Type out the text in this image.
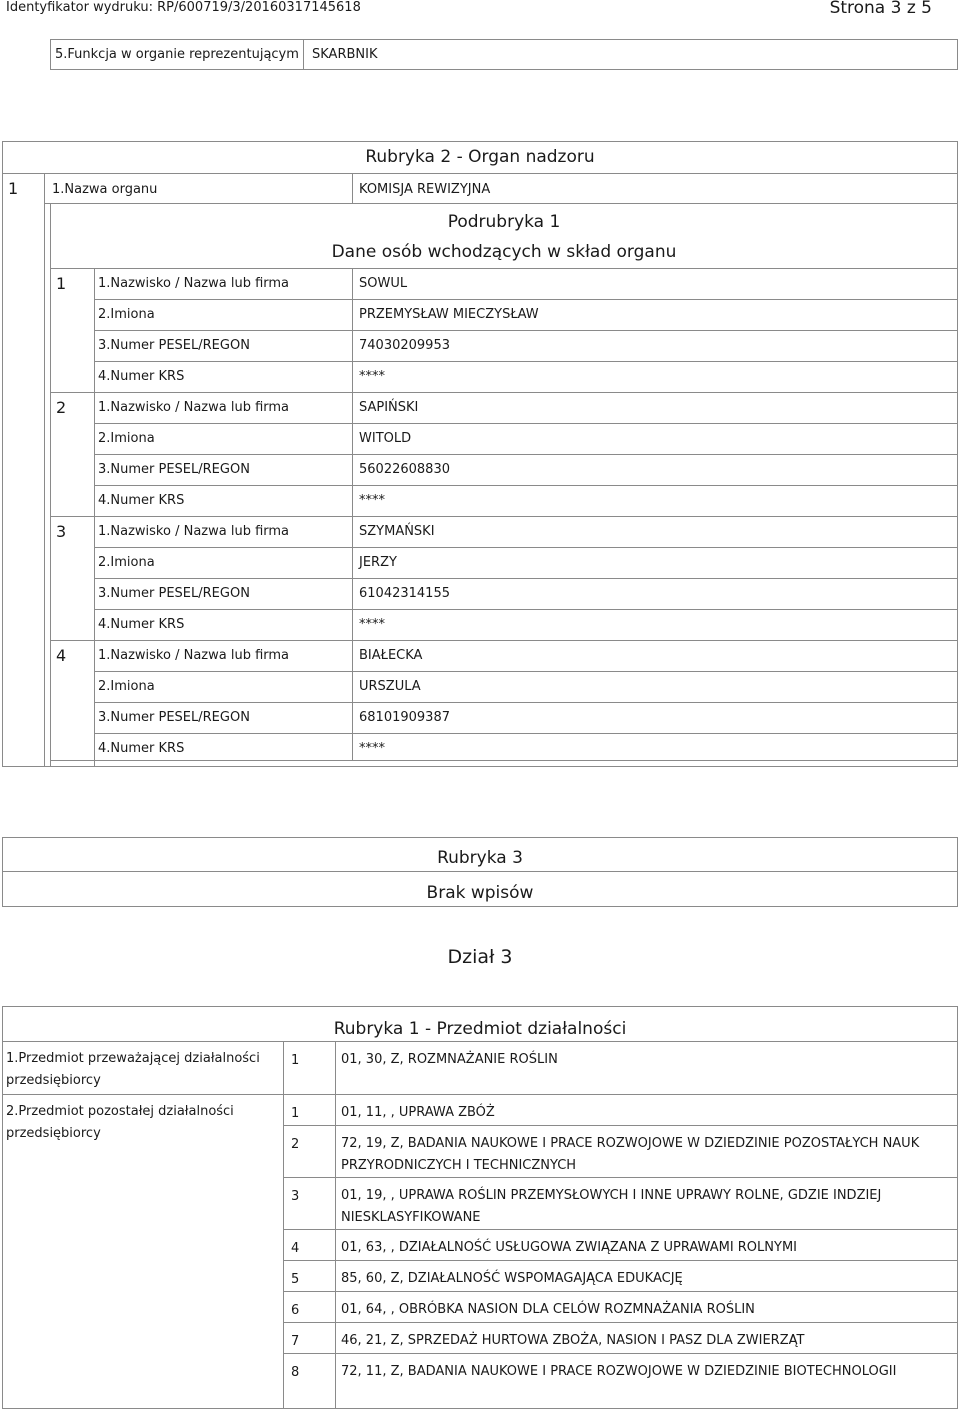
Identyfikator wydruku: RP/600719/3/20160317145618	Strona 3 z 5
5.Funkcja w organie reprezentującym SKARBNIK
Rubryka 2 - Organ nadzoru
1	1.Nazwa organu	KOMISJA REWIZYJNA
Podrubryka 1
Dane osób wchodzących w skład organu
1 1.Nazwisko / Nazwa lub firma	SOWUL
2.Imiona	PRZEMYSŁAW MIECZYSŁAW
3.Numer PESEL/REGON	74030209953
4.Numer KRS	****
2 1.Nazwisko / Nazwa lub firma	SAPIŃSKI
2.Imiona	WITOLD
3.Numer PESEL/REGON	56022608830
4.Numer KRS	****
3 1.Nazwisko / Nazwa lub firma	SZYMAŃSKI
2.Imiona	JERZY
3.Numer PESEL/REGON	61042314155
4.Numer KRS	****
4 1.Nazwisko / Nazwa lub firma	BIAŁECKA
2.Imiona	URSZULA
3.Numer PESEL/REGON	68101909387
4.Numer KRS	****
Rubryka 3
Brak wpisów
Dział 3
Rubryka 1 - Przedmiot działalności
1.Przedmiot przeważającej działalności przedsiębiorcy
2.Przedmiot pozostałej działalności przedsiębiorcy
1	01, 30, Z, ROZMNAŻANIE ROŚLIN
1	01, 11, , UPRAWA ZBÓŻ
2	72, 19, Z, BADANIA NAUKOWE I PRACE ROZWOJOWE W DZIEDZINIE POZOSTAŁYCH NAUK PRZYRODNICZYCH I TECHNICZNYCH
3	01, 19, , UPRAWA ROŚLIN PRZEMYSŁOWYCH I INNE UPRAWY ROLNE, GDZIE INDZIEJ NIESKLASYFIKOWANE
4	01, 63, , DZIAŁALNOŚĆ USŁUGOWA ZWIĄZANA Z UPRAWAMI ROLNYMI
5	85, 60, Z, DZIAŁALNOŚĆ WSPOMAGAJĄCA EDUKACJĘ
6	01, 64, , OBRÓBKA NASION DLA CELÓW ROZMNAŻANIA ROŚLIN
7	46, 21, Z, SPRZEDAŻ HURTOWA ZBOŻA, NASION I PASZ DLA ZWIERZĄT
8	72, 11, Z, BADANIA NAUKOWE I PRACE ROZWOJOWE W DZIEDZINIE BIOTECHNOLOGII
